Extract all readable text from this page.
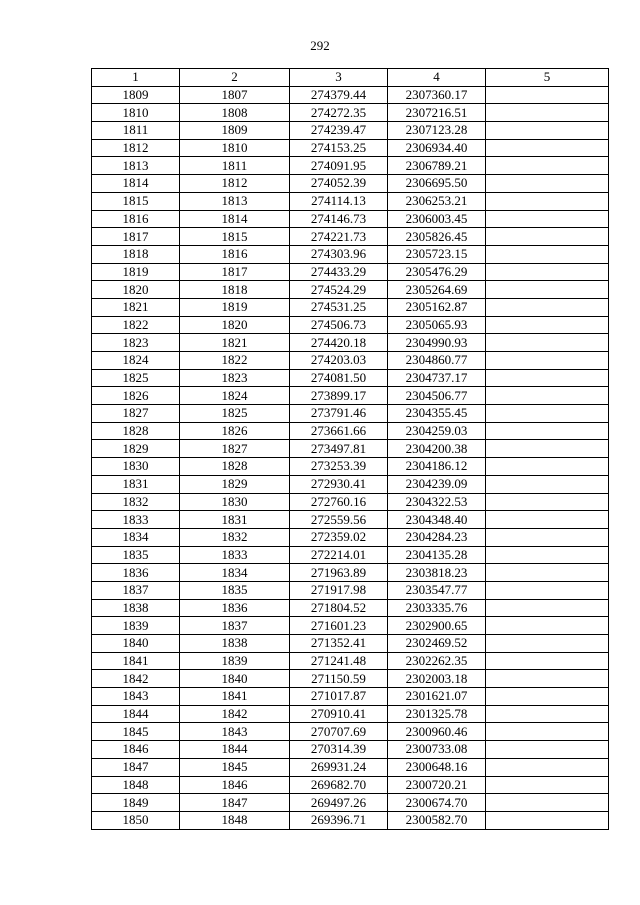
292
1	2	3	4	5
1809	1807	274379.44	2307360.17	
1810	1808	274272.35	2307216.51	
1811	1809	274239.47	2307123.28	
1812	1810	274153.25	2306934.40	
1813	1811	274091.95	2306789.21	
1814	1812	274052.39	2306695.50	
1815	1813	274114.13	2306253.21	
1816	1814	274146.73	2306003.45	
1817	1815	274221.73	2305826.45	
1818	1816	274303.96	2305723.15	
1819	1817	274433.29	2305476.29	
1820	1818	274524.29	2305264.69	
1821	1819	274531.25	2305162.87	
1822	1820	274506.73	2305065.93	
1823	1821	274420.18	2304990.93	
1824	1822	274203.03	2304860.77	
1825	1823	274081.50	2304737.17	
1826	1824	273899.17	2304506.77	
1827	1825	273791.46	2304355.45	
1828	1826	273661.66	2304259.03	
1829	1827	273497.81	2304200.38	
1830	1828	273253.39	2304186.12	
1831	1829	272930.41	2304239.09	
1832	1830	272760.16	2304322.53	
1833	1831	272559.56	2304348.40	
1834	1832	272359.02	2304284.23	
1835	1833	272214.01	2304135.28	
1836	1834	271963.89	2303818.23	
1837	1835	271917.98	2303547.77	
1838	1836	271804.52	2303335.76	
1839	1837	271601.23	2302900.65	
1840	1838	271352.41	2302469.52	
1841	1839	271241.48	2302262.35	
1842	1840	271150.59	2302003.18	
1843	1841	271017.87	2301621.07	
1844	1842	270910.41	2301325.78	
1845	1843	270707.69	2300960.46	
1846	1844	270314.39	2300733.08	
1847	1845	269931.24	2300648.16	
1848	1846	269682.70	2300720.21	
1849	1847	269497.26	2300674.70	
1850	1848	269396.71	2300582.70	
